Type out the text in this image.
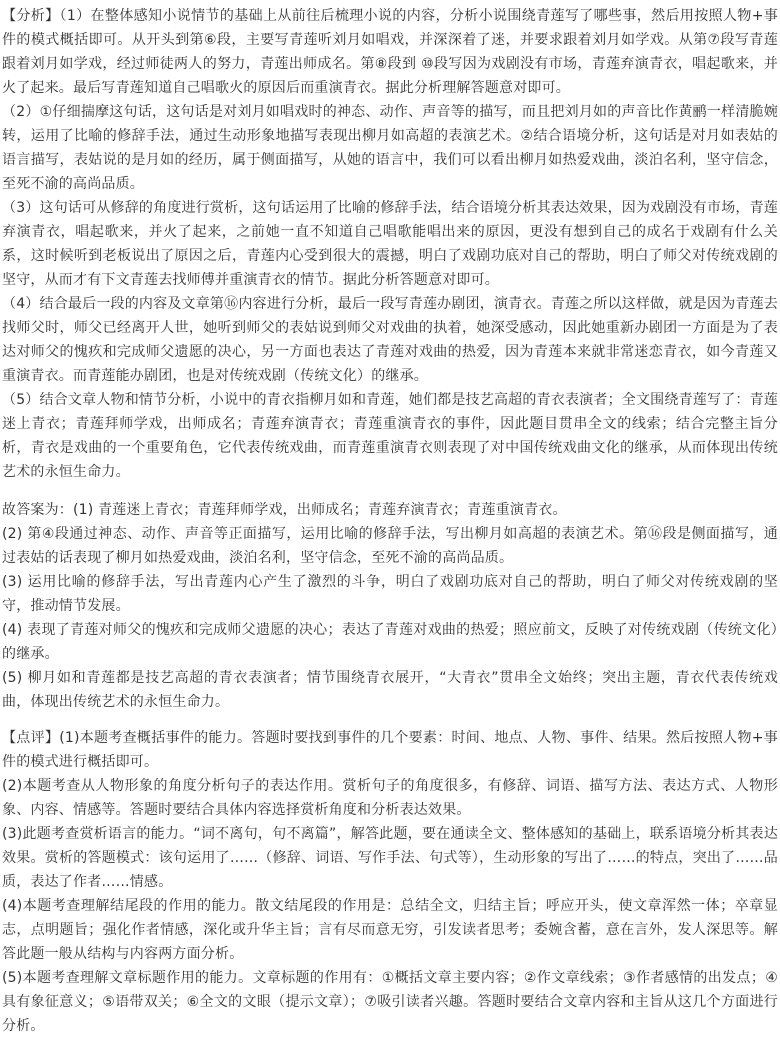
【分析】（1）在整体感知小说情节的基础上从前往后梳理小说的内容，分析小说围绕青莲写了哪些事，然后用按照人物+事件的模式概括即可。从开头到第⑥段，主要写青莲听刘月如唱戏，并深深着了迷，并要求跟着刘月如学戏。从第⑦段写青莲跟着刘月如学戏，经过师徒两人的努力，青莲出师成名。第⑧段到 ⑩段写因为戏剧没有市场，青莲弃演青衣，唱起歌来，并火了起来。最后写青莲知道自己唱歌火的原因后而重演青衣。据此分析理解答题意对即可。

（2）①仔细揣摩这句话，这句话是对刘月如唱戏时的神态、动作、声音等的描写，而且把刘月如的声音比作黄鹂一样清脆婉转，运用了比喻的修辞手法，通过生动形象地描写表现出柳月如高超的表演艺术。②结合语境分析，这句话是对月如表姑的语言描写，表姑说的是月如的经历，属于侧面描写，从她的语言中，我们可以看出柳月如热爱戏曲，淡泊名利，坚守信念，至死不渝的高尚品质。

（3）这句话可从修辞的角度进行赏析，这句话运用了比喻的修辞手法，结合语境分析其表达效果，因为戏剧没有市场，青莲弃演青衣，唱起歌来，并火了起来，之前她一直不知道自己唱歌能唱出来的原因，更没有想到自己的成名于戏剧有什么关系，这时候听到老板说出了原因之后，青莲内心受到很大的震撼，明白了戏剧功底对自己的帮助，明白了师父对传统戏剧的坚守，从而才有下文青莲去找师傅并重演青衣的情节。据此分析答题意对即可。

（4）结合最后一段的内容及文章第⑯内容进行分析，最后一段写青莲办剧团，演青衣。青莲之所以这样做，就是因为青莲去找师父时，师父已经离开人世，她听到师父的表姑说到师父对戏曲的执着，她深受感动，因此她重新办剧团一方面是为了表达对师父的愧疚和完成师父遗愿的决心，另一方面也表达了青莲对戏曲的热爱，因为青莲本来就非常迷恋青衣，如今青莲又重演青衣。而青莲能办剧团，也是对传统戏剧（传统文化）的继承。

（5）结合文章人物和情节分析，小说中的青衣指柳月如和青莲，她们都是技艺高超的青衣表演者；全文围绕青莲写了：青莲迷上青衣；青莲拜师学戏，出师成名；青莲弃演青衣；青莲重演青衣的事件，因此题目贯串全文的线索；结合完整主旨分析，青衣是戏曲的一个重要角色，它代表传统戏曲，而青莲重演青衣则表现了对中国传统戏曲文化的继承，从而体现出传统艺术的永恒生命力。

故答案为：(1) 青莲迷上青衣；青莲拜师学戏，出师成名；青莲弃演青衣；青莲重演青衣。

(2) 第④段通过神态、动作、声音等正面描写，运用比喻的修辞手法，写出柳月如高超的表演艺术。第⑯段是侧面描写，通过表姑的话表现了柳月如热爱戏曲，淡泊名利，坚守信念，至死不渝的高尚品质。

(3) 运用比喻的修辞手法，写出青莲内心产生了激烈的斗争，明白了戏剧功底对自己的帮助，明白了师父对传统戏剧的坚守，推动情节发展。

(4) 表现了青莲对师父的愧疚和完成师父遗愿的决心；表达了青莲对戏曲的热爱；照应前文，反映了对传统戏剧（传统文化）的继承。

(5) 柳月如和青莲都是技艺高超的青衣表演者；情节围绕青衣展开，“大青衣”贯串全文始终；突出主题，青衣代表传统戏曲，体现出传统艺术的永恒生命力。

【点评】(1)本题考查概括事件的能力。答题时要找到事件的几个要素：时间、地点、人物、事件、结果。然后按照人物+事件的模式进行概括即可。

(2)本题考查从人物形象的角度分析句子的表达作用。赏析句子的角度很多，有修辞、词语、描写方法、表达方式、人物形象、内容、情感等。答题时要结合具体内容选择赏析角度和分析表达效果。

(3)此题考查赏析语言的能力。“词不离句，句不离篇”，解答此题，要在通读全文、整体感知的基础上，联系语境分析其表达效果。赏析的答题模式：该句运用了……（修辞、词语、写作手法、句式等），生动形象的写出了……的特点，突出了……品质，表达了作者……情感。

(4)本题考查理解结尾段的作用的能力。散文结尾段的作用是：总结全文，归结主旨；呼应开头，使文章浑然一体；卒章显志，点明题旨；强化作者情感，深化或升华主旨；言有尽而意无穷，引发读者思考；委婉含蓄，意在言外，发人深思等。解答此题一般从结构与内容两方面分析。

(5)本题考查理解文章标题作用的能力。文章标题的作用有：①概括文章主要内容；②作文章线索；③作者感情的出发点；④具有象征意义；⑤语带双关；⑥全文的文眼（提示文章）；⑦吸引读者兴趣。答题时要结合文章内容和主旨从这几个方面进行分析。
